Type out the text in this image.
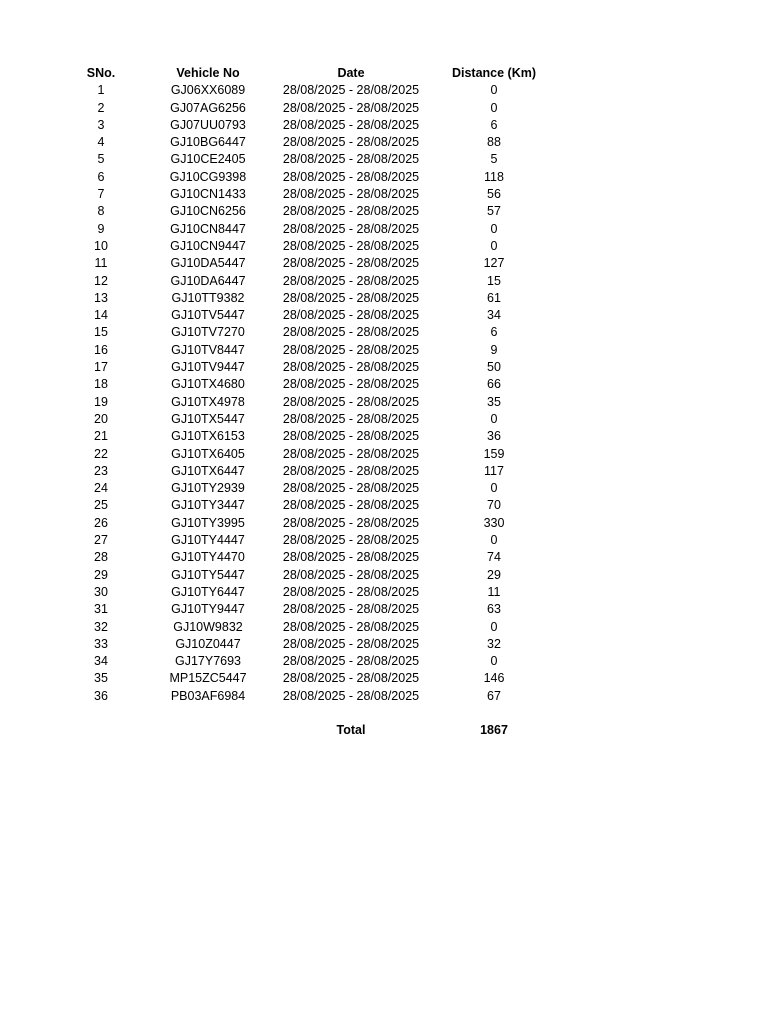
SNo.	Vehicle No	Date	Distance (Km)
1	GJ06XX6089	28/08/2025 - 28/08/2025	0
2	GJ07AG6256	28/08/2025 - 28/08/2025	0
3	GJ07UU0793	28/08/2025 - 28/08/2025	6
4	GJ10BG6447	28/08/2025 - 28/08/2025	88
5	GJ10CE2405	28/08/2025 - 28/08/2025	5
6	GJ10CG9398	28/08/2025 - 28/08/2025	118
7	GJ10CN1433	28/08/2025 - 28/08/2025	56
8	GJ10CN6256	28/08/2025 - 28/08/2025	57
9	GJ10CN8447	28/08/2025 - 28/08/2025	0
10	GJ10CN9447	28/08/2025 - 28/08/2025	0
11	GJ10DA5447	28/08/2025 - 28/08/2025	127
12	GJ10DA6447	28/08/2025 - 28/08/2025	15
13	GJ10TT9382	28/08/2025 - 28/08/2025	61
14	GJ10TV5447	28/08/2025 - 28/08/2025	34
15	GJ10TV7270	28/08/2025 - 28/08/2025	6
16	GJ10TV8447	28/08/2025 - 28/08/2025	9
17	GJ10TV9447	28/08/2025 - 28/08/2025	50
18	GJ10TX4680	28/08/2025 - 28/08/2025	66
19	GJ10TX4978	28/08/2025 - 28/08/2025	35
20	GJ10TX5447	28/08/2025 - 28/08/2025	0
21	GJ10TX6153	28/08/2025 - 28/08/2025	36
22	GJ10TX6405	28/08/2025 - 28/08/2025	159
23	GJ10TX6447	28/08/2025 - 28/08/2025	117
24	GJ10TY2939	28/08/2025 - 28/08/2025	0
25	GJ10TY3447	28/08/2025 - 28/08/2025	70
26	GJ10TY3995	28/08/2025 - 28/08/2025	330
27	GJ10TY4447	28/08/2025 - 28/08/2025	0
28	GJ10TY4470	28/08/2025 - 28/08/2025	74
29	GJ10TY5447	28/08/2025 - 28/08/2025	29
30	GJ10TY6447	28/08/2025 - 28/08/2025	11
31	GJ10TY9447	28/08/2025 - 28/08/2025	63
32	GJ10W9832	28/08/2025 - 28/08/2025	0
33	GJ10Z0447	28/08/2025 - 28/08/2025	32
34	GJ17Y7693	28/08/2025 - 28/08/2025	0
35	MP15ZC5447	28/08/2025 - 28/08/2025	146
36	PB03AF6984	28/08/2025 - 28/08/2025	67
Total	1867
